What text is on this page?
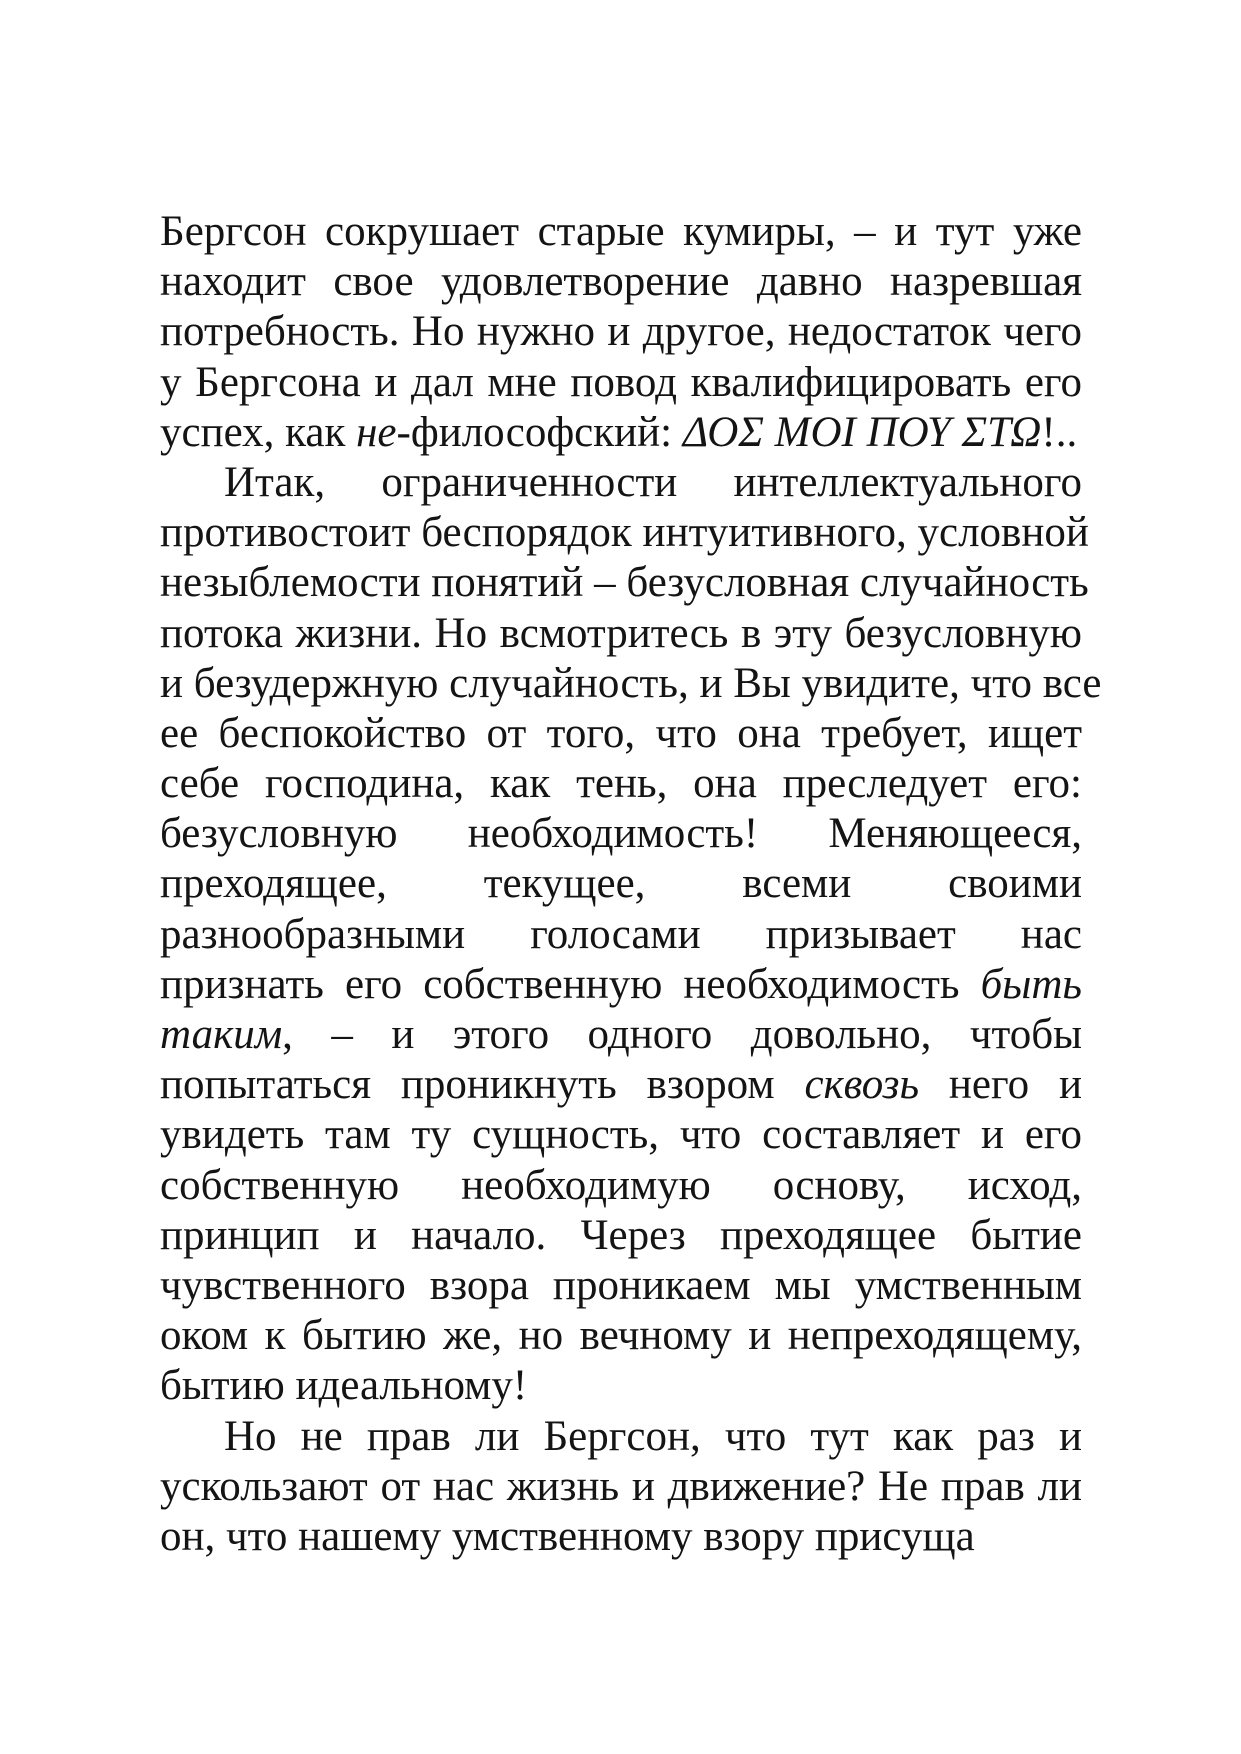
Бергсон сокрушает старые кумиры, – и тут уже
находит свое удовлетворение давно назревшая
потребность. Но нужно и другое, недостаток чего
у Бергсона и дал мне повод квалифицировать его
успех, как не-философский: ΔΟΣ ΜΟΙ ΠΟΥ ΣΤΩ!..
Итак, ограниченности интеллектуального
противостоит беспорядок интуитивного, условной
незыблемости понятий – безусловная случайность
потока жизни. Но всмотритесь в эту безусловную
и безудержную случайность, и Вы увидите, что все
ее беспокойство от того, что она требует, ищет
себе господина, как тень, она преследует его:
безусловную необходимость! Меняющееся,
преходящее, текущее, всеми своими
разнообразными голосами призывает нас
признать его собственную необходимость быть
таким, – и этого одного довольно, чтобы
попытаться проникнуть взором сквозь него и
увидеть там ту сущность, что составляет и его
собственную необходимую основу, исход,
принцип и начало. Через преходящее бытие
чувственного взора проникаем мы умственным
оком к бытию же, но вечному и непреходящему,
бытию идеальному!
Но не прав ли Бергсон, что тут как раз и
ускользают от нас жизнь и движение? Не прав ли
он, что нашему умственному взору присуща
